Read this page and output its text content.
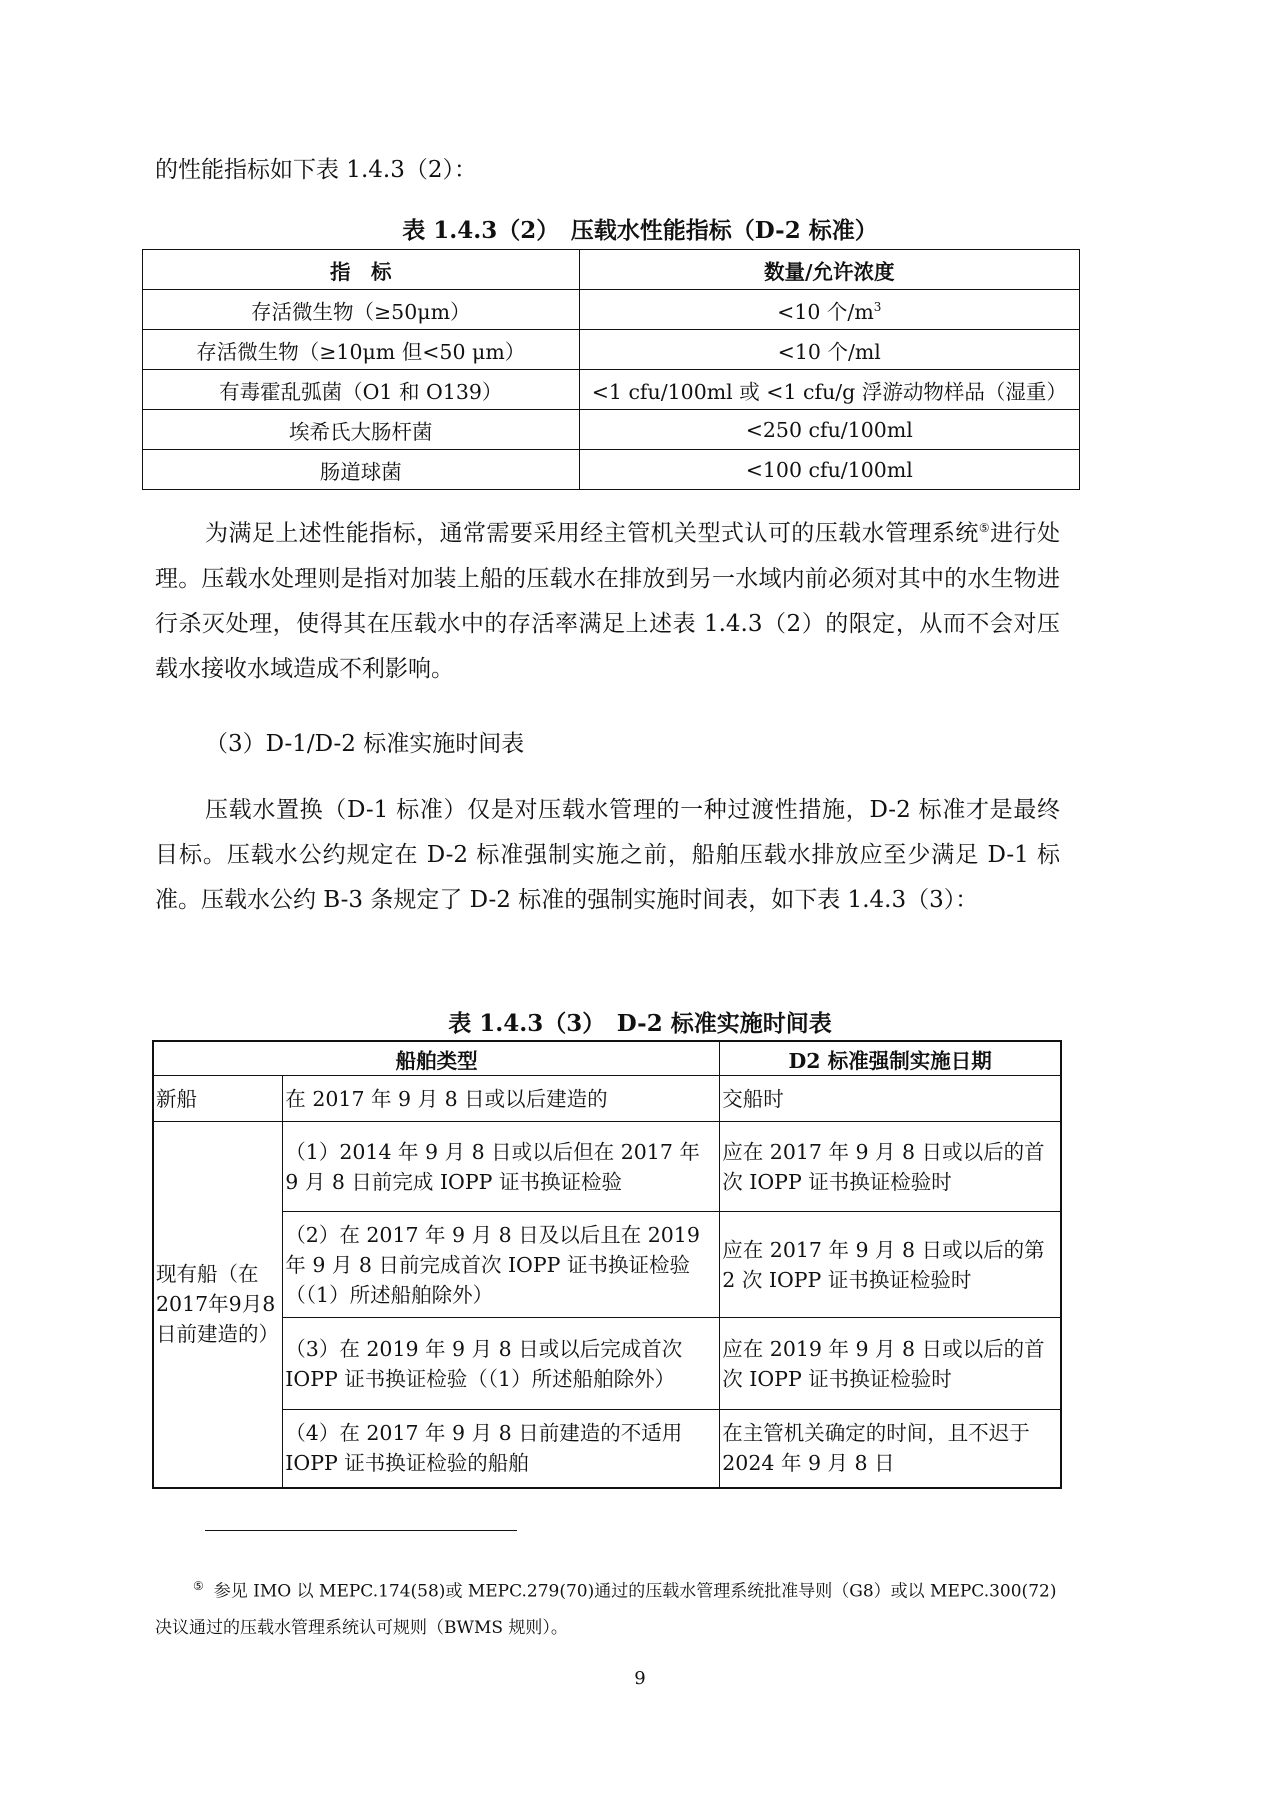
的性能指标如下表 1.4.3（2）：

表 1.4.3（2）　压载水性能指标（D-2 标准）

指　标	数量/允许浓度
存活微生物（≥50μm）	<10 个$/m^3$
存活微生物（≥10μm 但<50 μm）	<10 个/ml
有毒霍乱弧菌（O1 和 O139）	<1 cfu/100ml 或 <1 cfu/g 浮游动物样品（湿重）
埃希氏大肠杆菌	<250 cfu/100ml
肠道球菌	<100 cfu/100ml

为满足上述性能指标，通常需要采用经主管机关型式认可的压载水管理系统⑤进行处理。压载水处理则是指对加装上船的压载水在排放到另一水域内前必须对其中的水生物进行杀灭处理，使得其在压载水中的存活率满足上述表 1.4.3（2）的限定，从而不会对压载水接收水域造成不利影响。

（3）D-1/D-2 标准实施时间表

压载水置换（D-1 标准）仅是对压载水管理的一种过渡性措施，D-2 标准才是最终目标。压载水公约规定在 D-2 标准强制实施之前，船舶压载水排放应至少满足 D-1 标准。压载水公约 B-3 条规定了 D-2 标准的强制实施时间表，如下表 1.4.3（3）：

表 1.4.3（3）　D-2 标准实施时间表

船舶类型		D2 标准强制实施日期
新船	在 2017 年 9 月 8 日或以后建造的	交船时
现有船（在2017年9月8日前建造的）	（1）2014 年 9 月 8 日或以后但在 2017 年 9 月 8 日前完成 IOPP 证书换证检验	应在 2017 年 9 月 8 日或以后的首次 IOPP 证书换证检验时
	（2）在 2017 年 9 月 8 日及以后且在 2019 年 9 月 8 日前完成首次 IOPP 证书换证检验（（1）所述船舶除外）	应在 2017 年 9 月 8 日或以后的第 2 次 IOPP 证书换证检验时
	（3）在 2019 年 9 月 8 日或以后完成首次 IOPP 证书换证检验（（1）所述船舶除外）	应在 2019 年 9 月 8 日或以后的首次 IOPP 证书换证检验时
	（4）在 2017 年 9 月 8 日前建造的不适用 IOPP 证书换证检验的船舶	在主管机关确定的时间，且不迟于 2024 年 9 月 8 日

⑤ 参见 IMO 以 MEPC.174(58)或 MEPC.279(70)通过的压载水管理系统批准导则（G8）或以 MEPC.300(72) 决议通过的压载水管理系统认可规则（BWMS 规则）。

9
